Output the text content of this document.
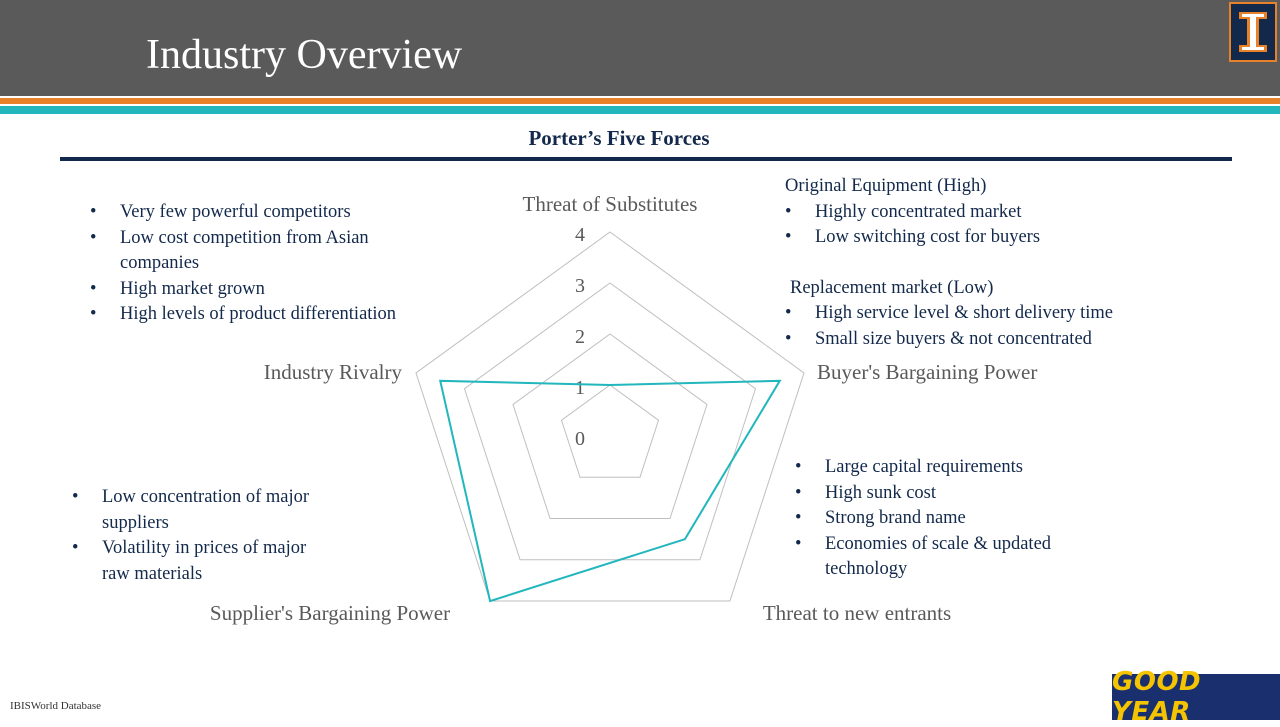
Industry Overview
Porter’s Five Forces
Threat of Substitutes
Buyer's Bargaining Power
Threat to new entrants
Supplier's Bargaining Power
Industry Rivalry
0
1
2
3
4
• Very few powerful competitors
• Low cost competition from Asian companies
• High market grown
• High levels of product differentiation
Original Equipment (High)
• Highly concentrated market
• Low switching cost for buyers
Replacement market (Low)
• High service level & short delivery time
• Small size buyers & not concentrated
• Large capital requirements
• High sunk cost
• Strong brand name
• Economies of scale & updated technology
• Low concentration of major suppliers
• Volatility in prices of major raw materials
IBISWorld Database
GOOD YEAR
